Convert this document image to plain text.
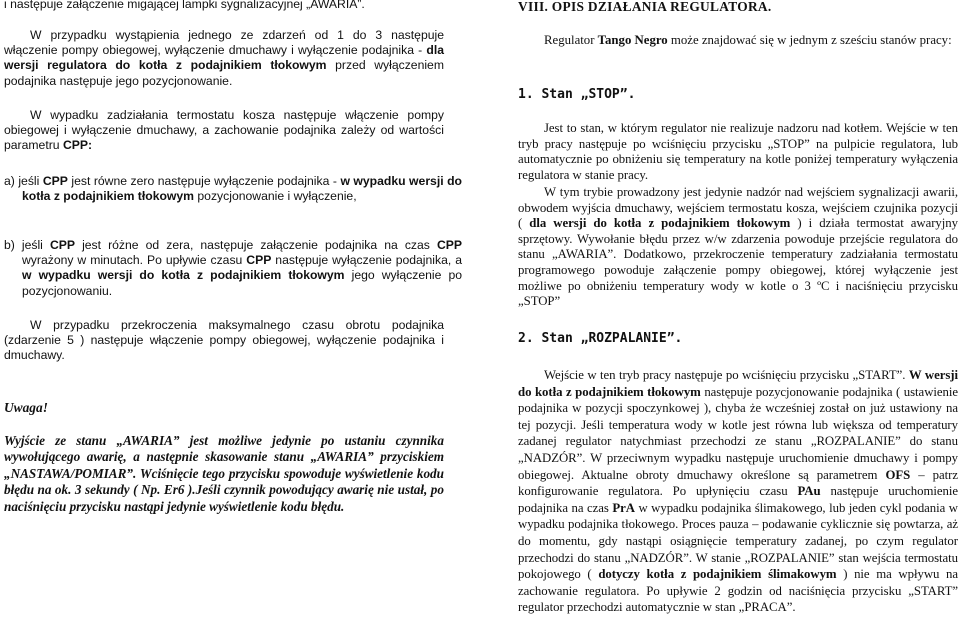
i następuje załączenie migającej lampki sygnalizacyjnej „AWARIA”.
W przypadku wystąpienia jednego ze zdarzeń od 1 do 3 następuje włączenie pompy obiegowej, wyłączenie dmuchawy i wyłączenie podajnika - dla wersji regulatora do kotła z podajnikiem tłokowym przed wyłączeniem podajnika następuje jego pozycjonowanie.
W wypadku zadziałania termostatu kosza następuje włączenie pompy obiegowej i wyłączenie dmuchawy, a zachowanie podajnika zależy od wartości parametru CPP:
a) jeśli CPP jest równe zero następuje wyłączenie podajnika - w wypadku wersji do kotła z podajnikiem tłokowym pozycjonowanie i wyłączenie,
b) jeśli CPP jest różne od zera, następuje załączenie podajnika na czas CPP wyrażony w minutach. Po upływie czasu CPP następuje wyłączenie podajnika, a w wypadku wersji do kotła z podajnikiem tłokowym jego wyłączenie po pozycjonowaniu.
W przypadku przekroczenia maksymalnego czasu obrotu podajnika (zdarzenie 5 ) następuje włączenie pompy obiegowej, wyłączenie podajnika i dmuchawy.
Uwaga!
Wyjście ze stanu „AWARIA” jest możliwe jedynie po ustaniu czynnika wywołującego awarię, a następnie skasowanie stanu „AWARIA” przyciskiem „NASTAWA/POMIAR”. Wciśnięcie tego przycisku spowoduje wyświetlenie kodu błędu na ok. 3 sekundy ( Np. Er6 ).Jeśli czynnik powodujący awarię nie ustał, po naciśnięciu przycisku nastąpi jedynie wyświetlenie kodu błędu.
VIII. OPIS DZIAŁANIA REGULATORA.
Regulator Tango Negro może znajdować się w jednym z sześciu stanów pracy:
1. Stan „STOP”.
Jest to stan, w którym regulator nie realizuje nadzoru nad kotłem. Wejście w ten tryb pracy następuje po wciśnięciu przycisku „STOP” na pulpicie regulatora, lub automatycznie po obniżeniu się temperatury na kotle poniżej temperatury wyłączenia regulatora w stanie pracy.
W tym trybie prowadzony jest jedynie nadzór nad wejściem sygnalizacji awarii, obwodem wyjścia dmuchawy, wejściem termostatu kosza, wejściem czujnika pozycji ( dla wersji do kotła z podajnikiem tłokowym ) i działa termostat awaryjny sprzętowy. Wywołanie błędu przez w/w zdarzenia powoduje przejście regulatora do stanu „AWARIA”. Dodatkowo, przekroczenie temperatury zadziałania termostatu programowego powoduje załączenie pompy obiegowej, której wyłączenie jest możliwe po obniżeniu temperatury wody w kotle o 3 ºC i naciśnięciu przycisku „STOP”
2. Stan „ROZPALANIE”.
Wejście w ten tryb pracy następuje po wciśnięciu przycisku „START”. W wersji do kotła z podajnikiem tłokowym następuje pozycjonowanie podajnika ( ustawienie podajnika w pozycji spoczynkowej ), chyba że wcześniej został on już ustawiony na tej pozycji. Jeśli temperatura wody w kotle jest równa lub większa od temperatury zadanej regulator natychmiast przechodzi ze stanu „ROZPALANIE” do stanu „NADZÓR”. W przeciwnym wypadku następuje uruchomienie dmuchawy i pompy obiegowej. Aktualne obroty dmuchawy określone są parametrem OFS – patrz konfigurowanie regulatora. Po upłynięciu czasu PAu następuje uruchomienie podajnika na czas PrA w wypadku podajnika ślimakowego, lub jeden cykl podania w wypadku podajnika tłokowego. Proces pauza – podawanie cyklicznie się powtarza, aż do momentu, gdy nastąpi osiągnięcie temperatury zadanej, po czym regulator przechodzi do stanu „NADZÓR”. W stanie „ROZPALANIE” stan wejścia termostatu pokojowego ( dotyczy kotła z podajnikiem ślimakowym ) nie ma wpływu na zachowanie regulatora. Po upływie 2 godzin od naciśnięcia przycisku „START” regulator przechodzi automatycznie w stan „PRACA”.
